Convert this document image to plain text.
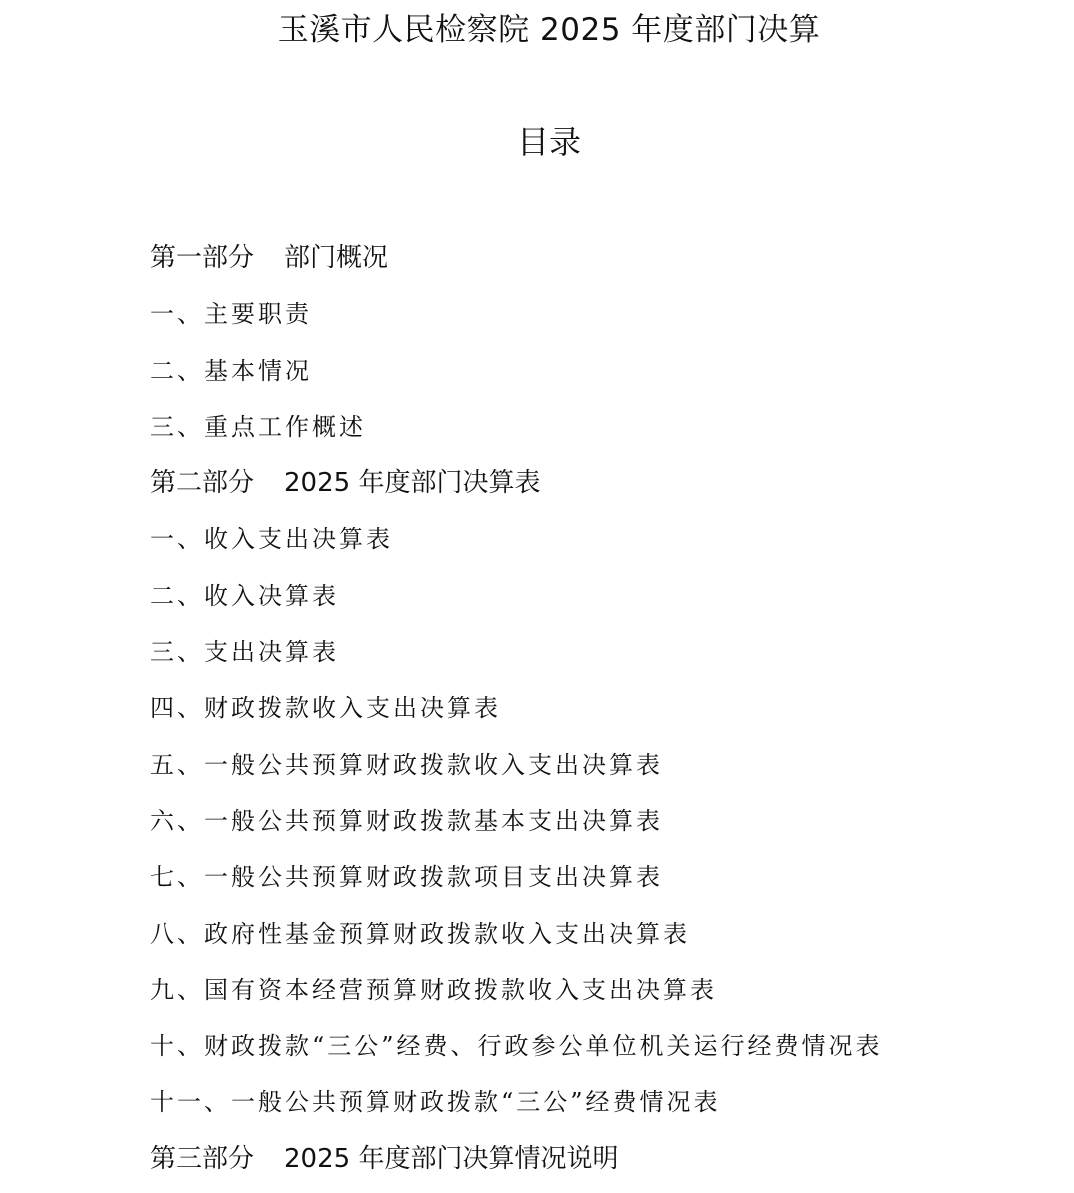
玉溪市人民检察院 2025 年度部门决算
目录
第一部分 部门概况
一、主要职责
二、基本情况
三、重点工作概述
第二部分 2025 年度部门决算表
一、收入支出决算表
二、收入决算表
三、支出决算表
四、财政拨款收入支出决算表
五、一般公共预算财政拨款收入支出决算表
六、一般公共预算财政拨款基本支出决算表
七、一般公共预算财政拨款项目支出决算表
八、政府性基金预算财政拨款收入支出决算表
九、国有资本经营预算财政拨款收入支出决算表
十、财政拨款“三公”经费、行政参公单位机关运行经费情况表
十一、一般公共预算财政拨款“三公”经费情况表
第三部分 2025 年度部门决算情况说明
